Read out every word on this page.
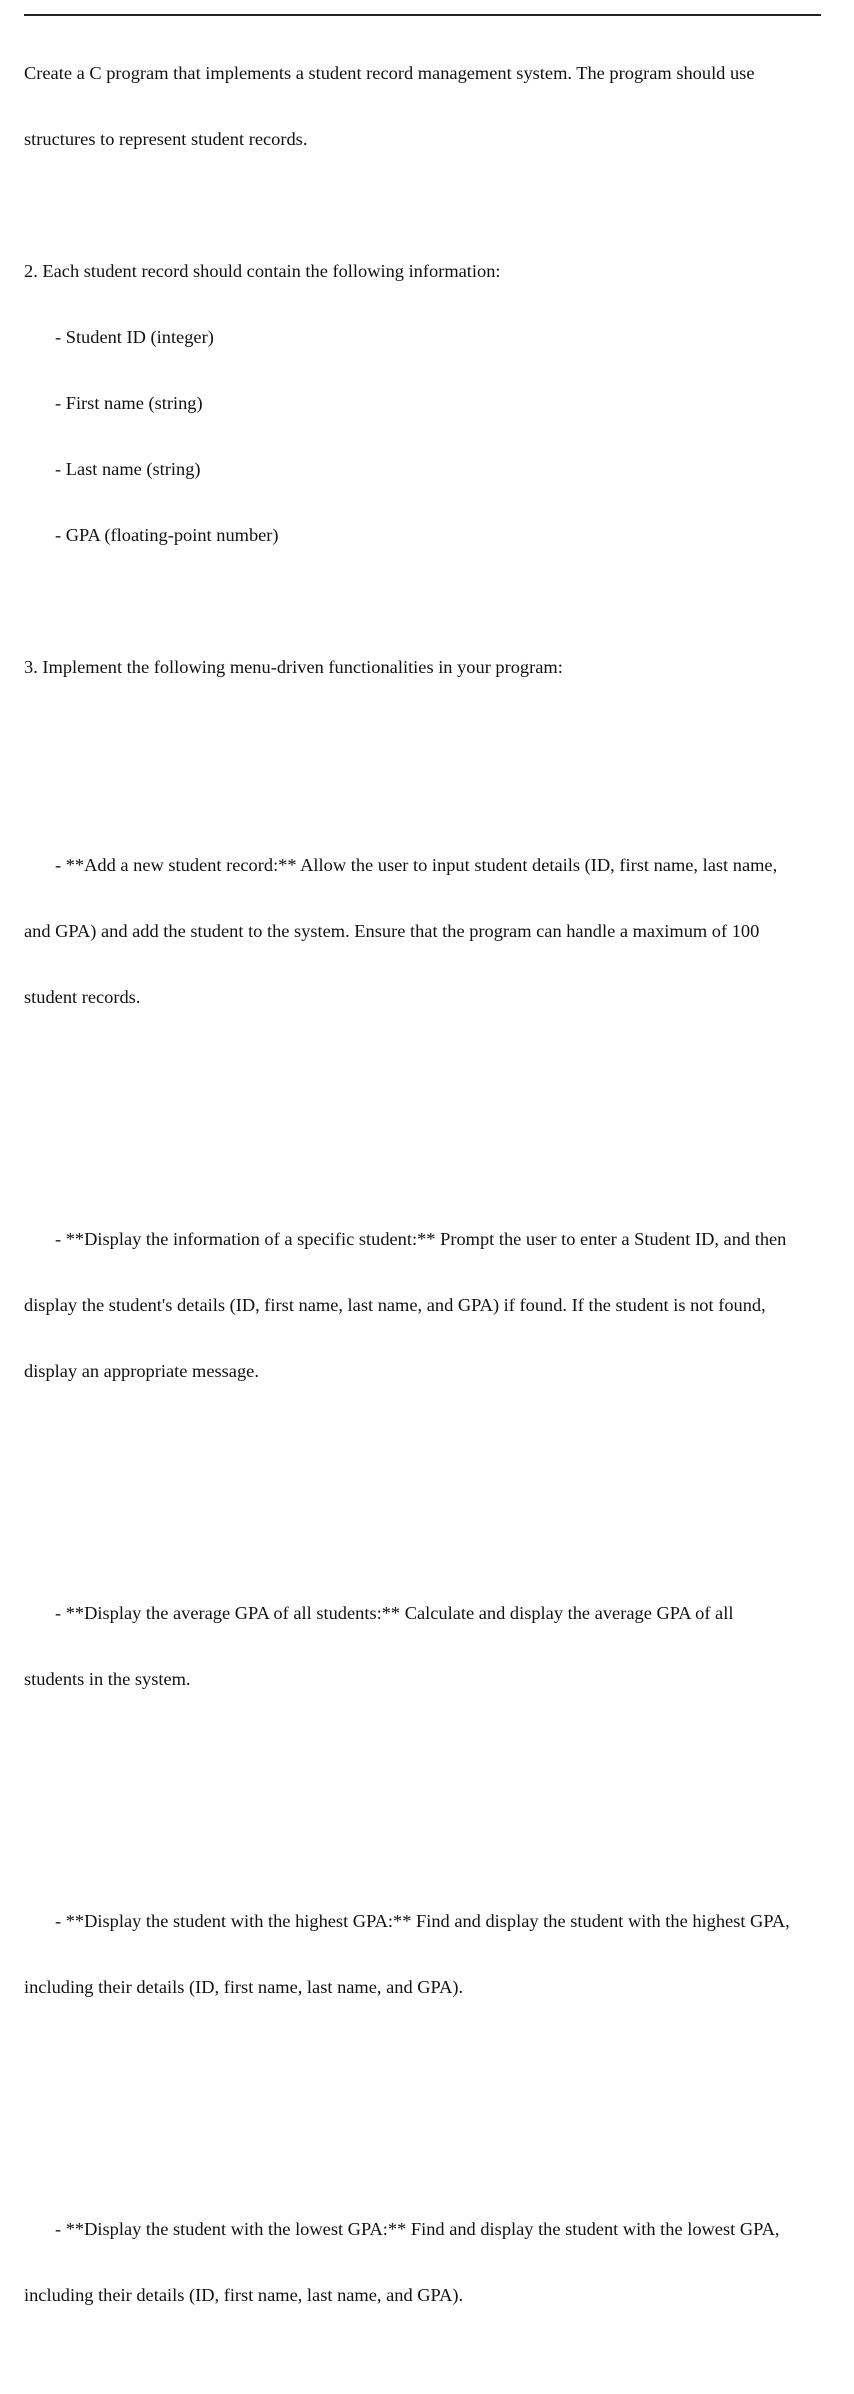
Create a C program that implements a student record management system. The program should use

structures to represent student records.

2. Each student record should contain the following information:

- Student ID (integer)

- First name (string)

- Last name (string)

- GPA (floating-point number)

3. Implement the following menu-driven functionalities in your program:

- **Add a new student record:** Allow the user to input student details (ID, first name, last name,

and GPA) and add the student to the system. Ensure that the program can handle a maximum of 100

student records.

- **Display the information of a specific student:** Prompt the user to enter a Student ID, and then

display the student's details (ID, first name, last name, and GPA) if found. If the student is not found,

display an appropriate message.

- **Display the average GPA of all students:** Calculate and display the average GPA of all

students in the system.

- **Display the student with the highest GPA:** Find and display the student with the highest GPA,

including their details (ID, first name, last name, and GPA).

- **Display the student with the lowest GPA:** Find and display the student with the lowest GPA,

including their details (ID, first name, last name, and GPA).
